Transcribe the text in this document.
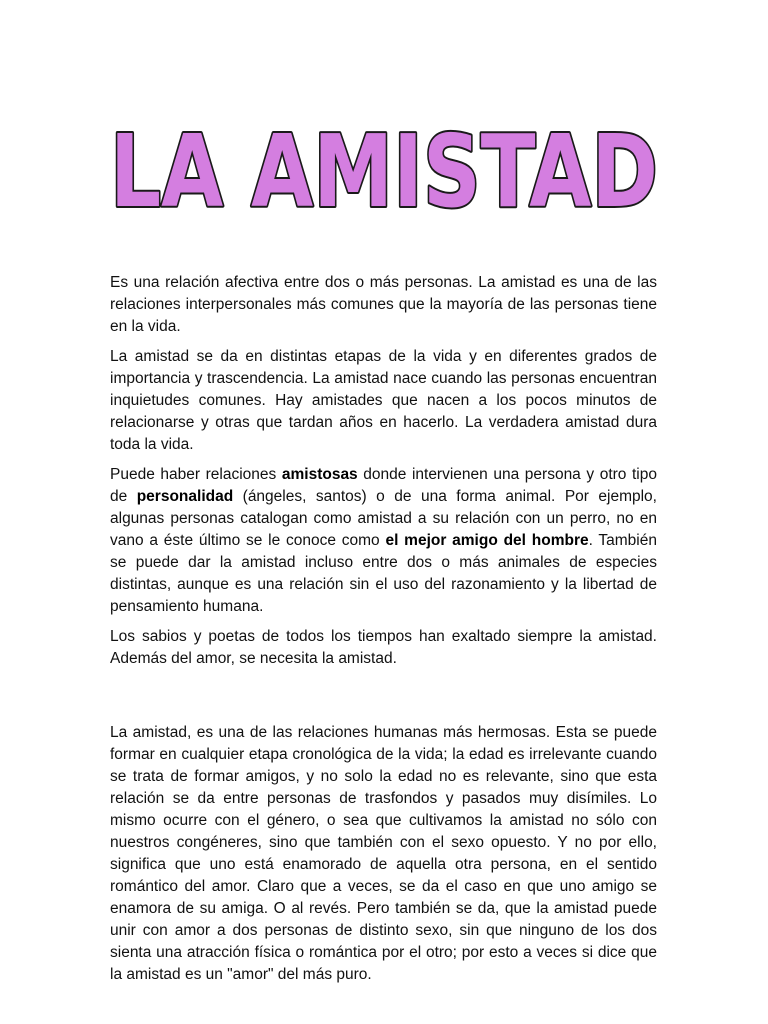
LA AMISTAD

Es una relación afectiva entre dos o más personas. La amistad es una de las relaciones interpersonales más comunes que la mayoría de las personas tiene en la vida.

La amistad se da en distintas etapas de la vida y en diferentes grados de importancia y trascendencia. La amistad nace cuando las personas encuentran inquietudes comunes. Hay amistades que nacen a los pocos minutos de relacionarse y otras que tardan años en hacerlo. La verdadera amistad dura toda la vida.

Puede haber relaciones amistosas donde intervienen una persona y otro tipo de personalidad (ángeles, santos) o de una forma animal. Por ejemplo, algunas personas catalogan como amistad a su relación con un perro, no en vano a éste último se le conoce como el mejor amigo del hombre. También se puede dar la amistad incluso entre dos o más animales de especies distintas, aunque es una relación sin el uso del razonamiento y la libertad de pensamiento humana.

Los sabios y poetas de todos los tiempos han exaltado siempre la amistad. Además del amor, se necesita la amistad.

La amistad, es una de las relaciones humanas más hermosas. Esta se puede formar en cualquier etapa cronológica de la vida; la edad es irrelevante cuando se trata de formar amigos, y no solo la edad no es relevante, sino que esta relación se da entre personas de trasfondos y pasados muy disímiles. Lo mismo ocurre con el género, o sea que cultivamos la amistad no sólo con nuestros congéneres, sino que también con el sexo opuesto. Y no por ello, significa que uno está enamorado de aquella otra persona, en el sentido romántico del amor. Claro que a veces, se da el caso en que uno amigo se enamora de su amiga. O al revés. Pero también se da, que la amistad puede unir con amor a dos personas de distinto sexo, sin que ninguno de los dos sienta una atracción física o romántica por el otro; por esto a veces si dice que la amistad es un "amor" del más puro.
